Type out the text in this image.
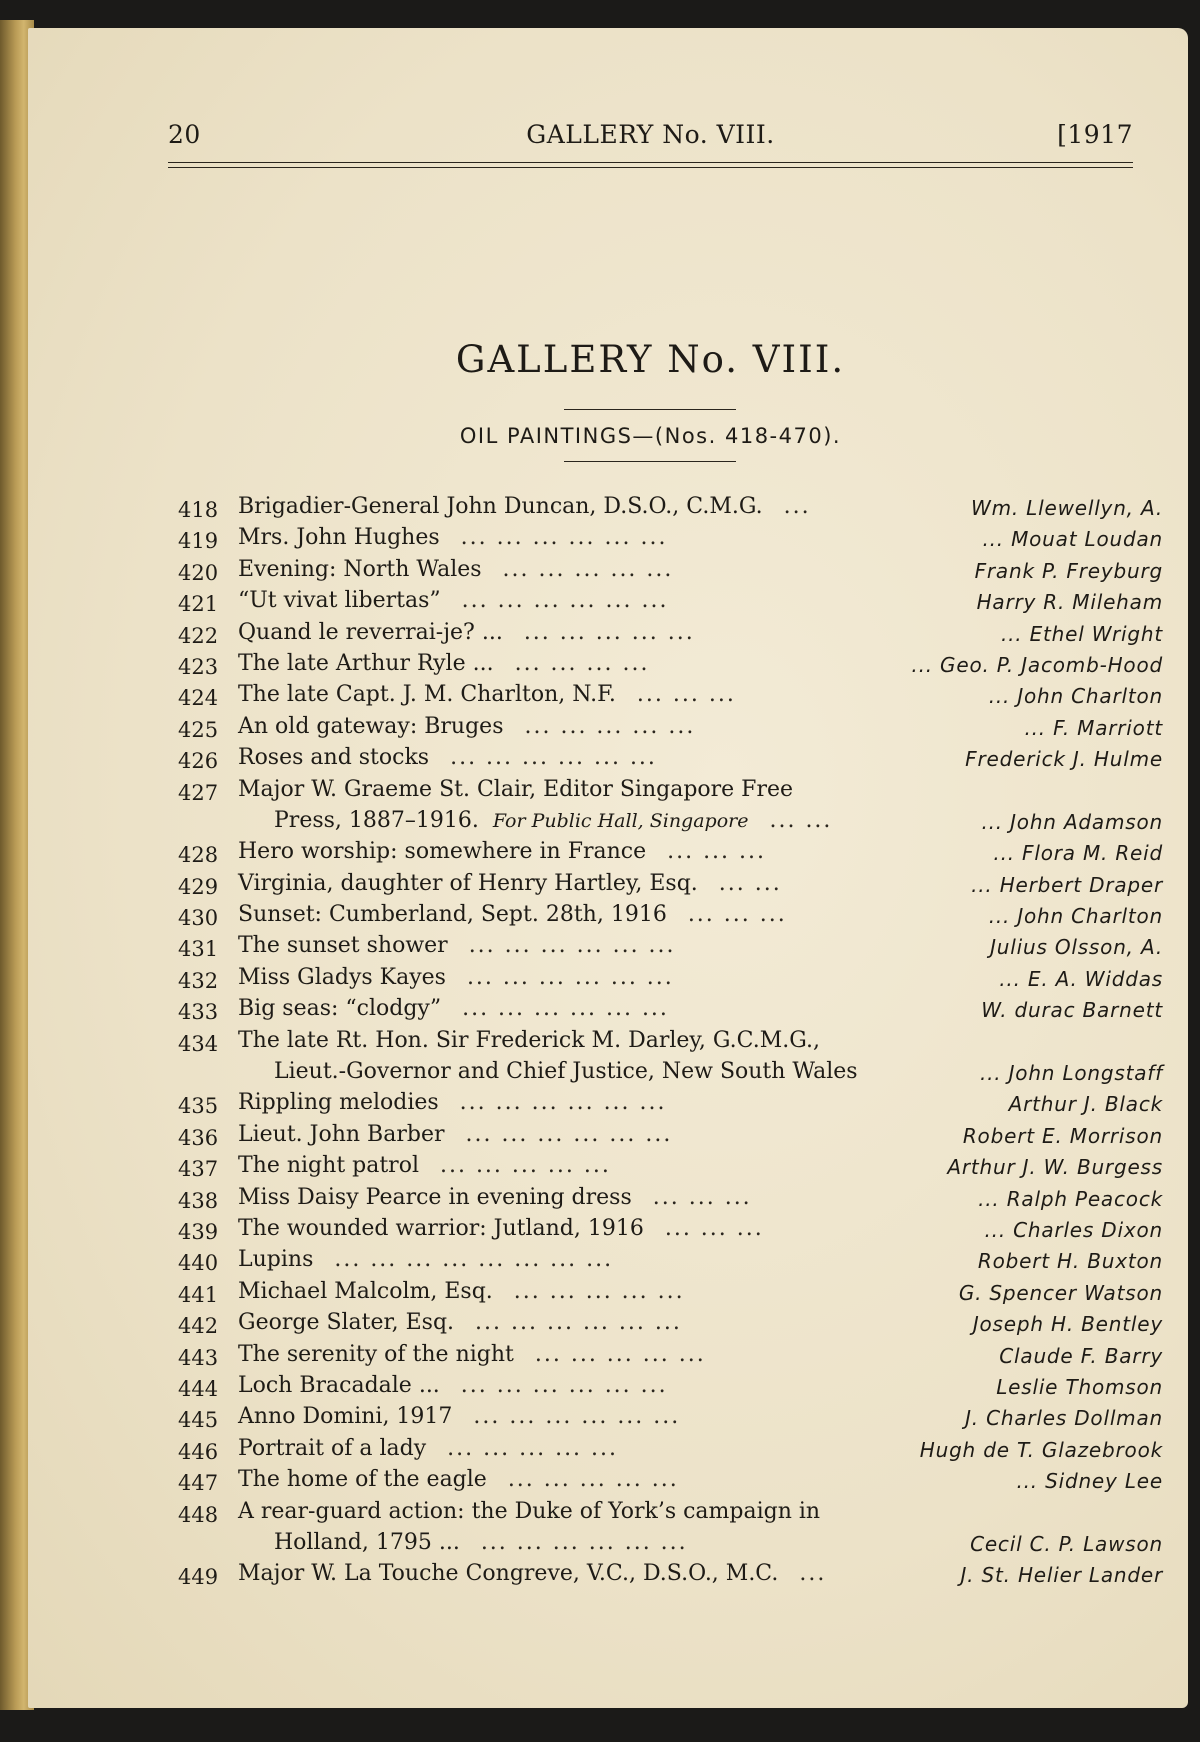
GALLERY No. VIII.
20	[1917
GALLERY No. VIII.
OIL PAINTINGS—(Nos. 418-470).
418 Brigadier-General John Duncan, D.S.O., C.M.G. ...	Wm. Llewellyn, A.
419 Mrs. John Hughes ... ... ... ... ... ...	... Mouat Loudan
420 Evening: North Wales ... ... ... ... ...	Frank P. Freyburg
421 “Ut vivat libertas” ... ... ... ... ... ...	Harry R. Mileham
422 Quand le reverrai-je? ... ... ... ... ... ...	... Ethel Wright
423 The late Arthur Ryle ... ... ... ... ...	... Geo. P. Jacomb-Hood
424 The late Capt. J. M. Charlton, N.F. ... ... ...	... John Charlton
425 An old gateway: Bruges ... ... ... ... ...	... F. Marriott
426 Roses and stocks ... ... ... ... ... ...	Frederick J. Hulme
427 Major W. Graeme St. Clair, Editor Singapore Free
Press, 1887–1916. For Public Hall, Singapore ... ...	... John Adamson
428 Hero worship: somewhere in France ... ... ...	... Flora M. Reid
429 Virginia, daughter of Henry Hartley, Esq. ... ...	... Herbert Draper
430 Sunset: Cumberland, Sept. 28th, 1916 ... ... ...	... John Charlton
431 The sunset shower ... ... ... ... ... ...	Julius Olsson, A.
432 Miss Gladys Kayes ... ... ... ... ... ...	... E. A. Widdas
433 Big seas: “clodgy” ... ... ... ... ... ...	W. durac Barnett
434 The late Rt. Hon. Sir Frederick M. Darley, G.C.M.G.,
Lieut.-Governor and Chief Justice, New South Wales	... John Longstaff
435 Rippling melodies ... ... ... ... ... ...	Arthur J. Black
436 Lieut. John Barber ... ... ... ... ... ...	Robert E. Morrison
437 The night patrol ... ... ... ... ...	Arthur J. W. Burgess
438 Miss Daisy Pearce in evening dress ... ... ...	... Ralph Peacock
439 The wounded warrior: Jutland, 1916 ... ... ...	... Charles Dixon
440 Lupins ... ... ... ... ... ... ... ...	Robert H. Buxton
441 Michael Malcolm, Esq. ... ... ... ... ...	G. Spencer Watson
442 George Slater, Esq. ... ... ... ... ... ...	Joseph H. Bentley
443 The serenity of the night ... ... ... ... ...	Claude F. Barry
444 Loch Bracadale ... ... ... ... ... ... ...	Leslie Thomson
445 Anno Domini, 1917 ... ... ... ... ... ...	J. Charles Dollman
446 Portrait of a lady ... ... ... ... ...	Hugh de T. Glazebrook
447 The home of the eagle ... ... ... ... ...	... Sidney Lee
448 A rear-guard action: the Duke of York’s campaign in
Holland, 1795 ... ... ... ... ... ... ...	Cecil C. P. Lawson
449 Major W. La Touche Congreve, V.C., D.S.O., M.C. ...	J. St. Helier Lander
